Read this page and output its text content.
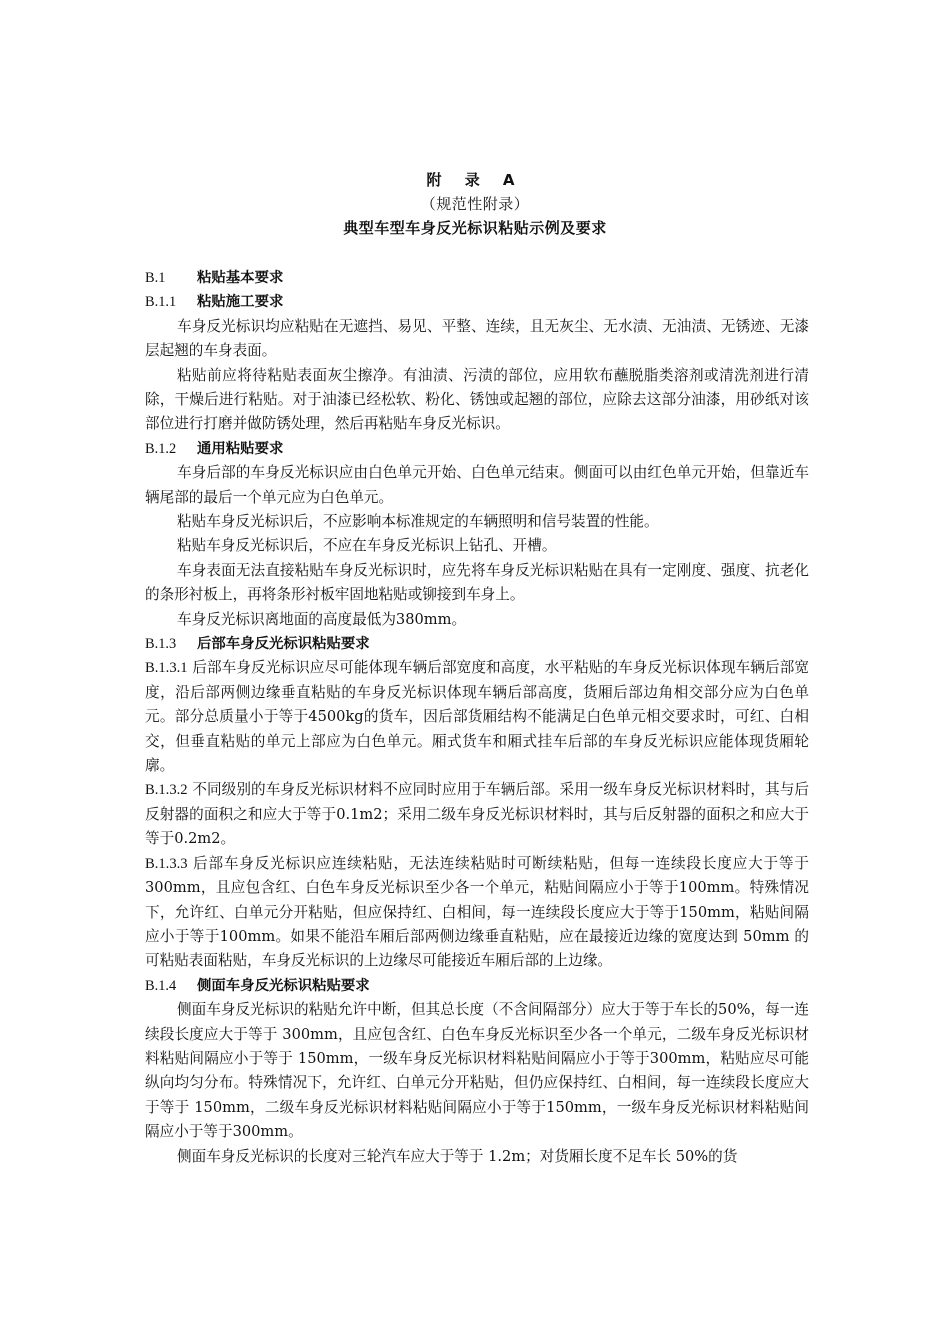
附 录 A
（规范性附录）
典型车型车身反光标识粘贴示例及要求
B.1 粘贴基本要求
B.1.1 粘贴施工要求

车身反光标识均应粘贴在无遮挡、易见、平整、连续，且无灰尘、无水渍、无油渍、无锈迹、无漆层起翘的车身表面。

粘贴前应将待粘贴表面灰尘擦净。有油渍、污渍的部位，应用软布蘸脱脂类溶剂或清洗剂进行清除，干燥后进行粘贴。对于油漆已经松软、粉化、锈蚀或起翘的部位，应除去这部分油漆，用砂纸对该部位进行打磨并做防锈处理，然后再粘贴车身反光标识。

B.1.2 通用粘贴要求

车身后部的车身反光标识应由白色单元开始、白色单元结束。侧面可以由红色单元开始，但靠近车辆尾部的最后一个单元应为白色单元。

粘贴车身反光标识后，不应影响本标准规定的车辆照明和信号装置的性能。

粘贴车身反光标识后，不应在车身反光标识上钻孔、开槽。

车身表面无法直接粘贴车身反光标识时，应先将车身反光标识粘贴在具有一定刚度、强度、抗老化的条形衬板上，再将条形衬板牢固地粘贴或铆接到车身上。

车身反光标识离地面的高度最低为380mm。

B.1.3 后部车身反光标识粘贴要求

B.1.3.1 后部车身反光标识应尽可能体现车辆后部宽度和高度，水平粘贴的车身反光标识体现车辆后部宽度，沿后部两侧边缘垂直粘贴的车身反光标识体现车辆后部高度，货厢后部边角相交部分应为白色单元。部分总质量小于等于4500kg的货车，因后部货厢结构不能满足白色单元相交要求时，可红、白相交，但垂直粘贴的单元上部应为白色单元。厢式货车和厢式挂车后部的车身反光标识应能体现货厢轮廓。

B.1.3.2 不同级别的车身反光标识材料不应同时应用于车辆后部。采用一级车身反光标识材料时，其与后反射器的面积之和应大于等于0.1m2；采用二级车身反光标识材料时，其与后反射器的面积之和应大于等于0.2m2。

B.1.3.3 后部车身反光标识应连续粘贴，无法连续粘贴时可断续粘贴，但每一连续段长度应大于等于 300mm，且应包含红、白色车身反光标识至少各一个单元，粘贴间隔应小于等于100mm。特殊情况下，允许红、白单元分开粘贴，但应保持红、白相间，每一连续段长度应大于等于150mm，粘贴间隔应小于等于100mm。如果不能沿车厢后部两侧边缘垂直粘贴，应在最接近边缘的宽度达到 50mm 的可粘贴表面粘贴，车身反光标识的上边缘尽可能接近车厢后部的上边缘。

B.1.4 侧面车身反光标识粘贴要求

侧面车身反光标识的粘贴允许中断，但其总长度（不含间隔部分）应大于等于车长的50%，每一连续段长度应大于等于 300mm，且应包含红、白色车身反光标识至少各一个单元，二级车身反光标识材料粘贴间隔应小于等于 150mm，一级车身反光标识材料粘贴间隔应小于等于300mm，粘贴应尽可能纵向均匀分布。特殊情况下，允许红、白单元分开粘贴，但仍应保持红、白相间，每一连续段长度应大于等于 150mm，二级车身反光标识材料粘贴间隔应小于等于150mm，一级车身反光标识材料粘贴间隔应小于等于300mm。

侧面车身反光标识的长度对三轮汽车应大于等于 1.2m；对货厢长度不足车长 50%的货
